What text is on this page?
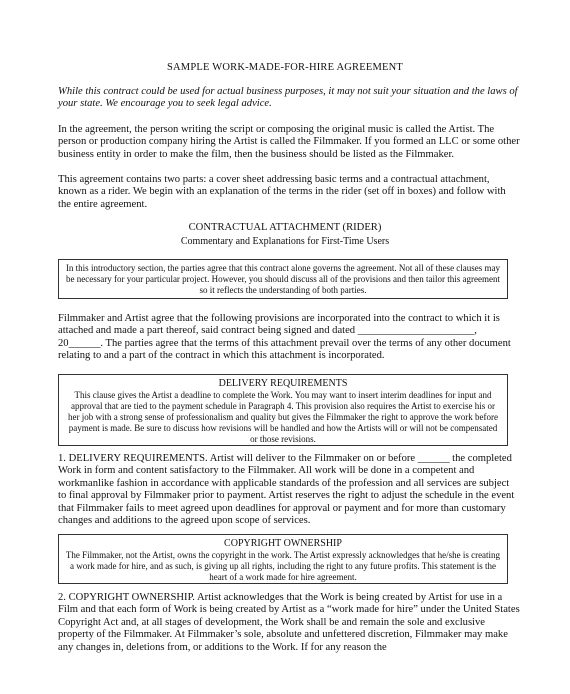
SAMPLE WORK-MADE-FOR-HIRE AGREEMENT

While this contract could be used for actual business purposes, it may not suit your situation and the laws of your state. We encourage you to seek legal advice.

In the agreement, the person writing the script or composing the original music is called the Artist. The person or production company hiring the Artist is called the Filmmaker. If you formed an LLC or some other business entity in order to make the film, then the business should be listed as the Filmmaker.

This agreement contains two parts: a cover sheet addressing basic terms and a contractual attachment, known as a rider. We begin with an explanation of the terms in the rider (set off in boxes) and follow with the entire agreement.

CONTRACTUAL ATTACHMENT (RIDER)
Commentary and Explanations for First-Time Users

In this introductory section, the parties agree that this contract alone governs the agreement. Not all of these clauses may be necessary for your particular project. However, you should discuss all of the provisions and then tailor this agreement so it reflects the understanding of both parties.

Filmmaker and Artist agree that the following provisions are incorporated into the contract to which it is attached and made a part thereof, said contract being signed and dated ______________________, 20______. The parties agree that the terms of this attachment prevail over the terms of any other document relating to and a part of the contract in which this attachment is incorporated.

DELIVERY REQUIREMENTS

This clause gives the Artist a deadline to complete the Work. You may want to insert interim deadlines for input and approval that are tied to the payment schedule in Paragraph 4. This provision also requires the Artist to exercise his or her job with a strong sense of professionalism and quality but gives the Filmmaker the right to approve the work before payment is made. Be sure to discuss how revisions will be handled and how the Artists will or will not be compensated or those revisions.

1. DELIVERY REQUIREMENTS. Artist will deliver to the Filmmaker on or before ______ the completed Work in form and content satisfactory to the Filmmaker. All work will be done in a competent and workmanlike fashion in accordance with applicable standards of the profession and all services are subject to final approval by Filmmaker prior to payment. Artist reserves the right to adjust the schedule in the event that Filmmaker fails to meet agreed upon deadlines for approval or payment and for more than customary changes and additions to the agreed upon scope of services.

COPYRIGHT OWNERSHIP

The Filmmaker, not the Artist, owns the copyright in the work. The Artist expressly acknowledges that he/she is creating a work made for hire, and as such, is giving up all rights, including the right to any future profits. This statement is the heart of a work made for hire agreement.

2. COPYRIGHT OWNERSHIP. Artist acknowledges that the Work is being created by Artist for use in a Film and that each form of Work is being created by Artist as a “work made for hire” under the United States Copyright Act and, at all stages of development, the Work shall be and remain the sole and exclusive property of the Filmmaker. At Filmmaker’s sole, absolute and unfettered discretion, Filmmaker may make any changes in, deletions from, or additions to the Work. If for any reason the
